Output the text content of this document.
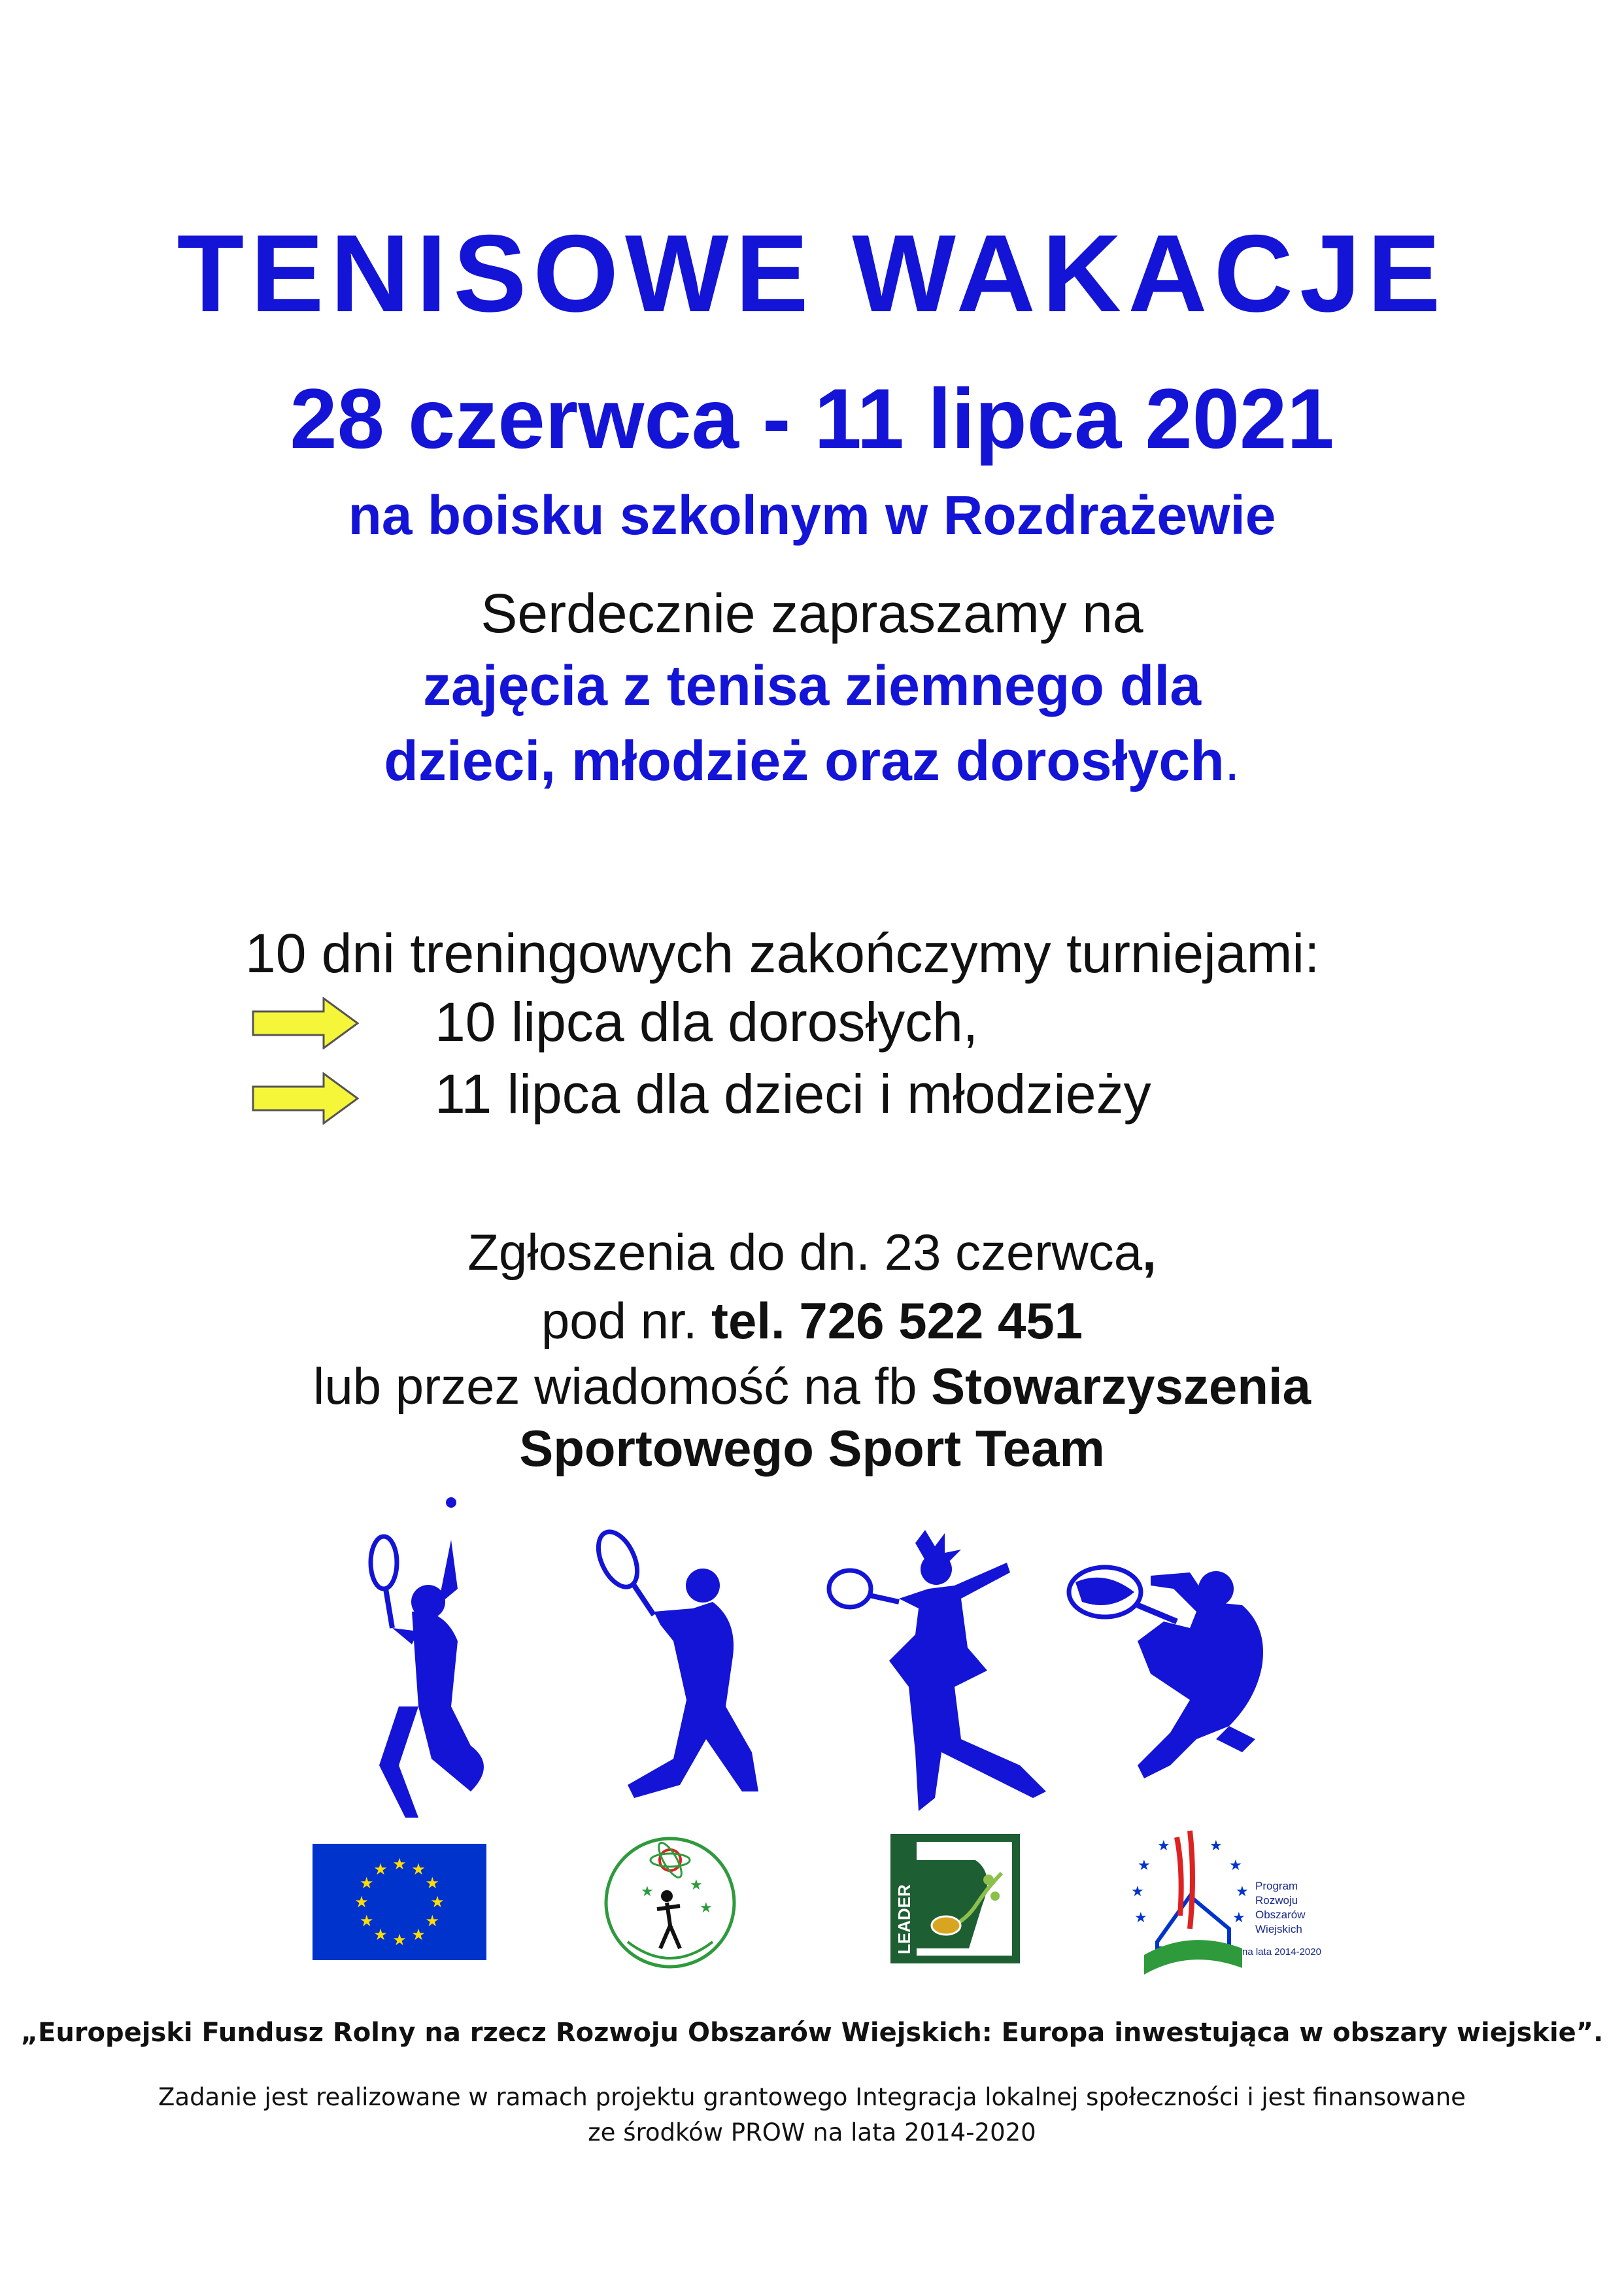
TENISOWE WAKACJE
28 czerwca - 11 lipca 2021
na boisku szkolnym w Rozdrażewie
Serdecznie zapraszamy na
zajęcia z tenisa ziemnego dla
dzieci, młodzież oraz dorosłych.
10 dni treningowych zakończymy turniejami:
10 lipca dla dorosłych,
11 lipca dla dzieci i młodzieży
Zgłoszenia do dn. 23 czerwca,
pod nr. tel. 726 522 451
lub przez wiadomość na fb Stowarzyszenia
Sportowego Sport Team
★ ★
★
★
★
★
★
★
★
★
★
★
★	★
★	LEADER	★
★
★	★
★
★
★	★
Program
Rozwoju
Obszarów
Wiejskich
na lata 2014-2020
„Europejski Fundusz Rolny na rzecz Rozwoju Obszarów Wiejskich: Europa inwestująca w obszary wiejskie”.
Zadanie jest realizowane w ramach projektu grantowego Integracja lokalnej społeczności i jest finansowane
ze środków PROW na lata 2014-2020
